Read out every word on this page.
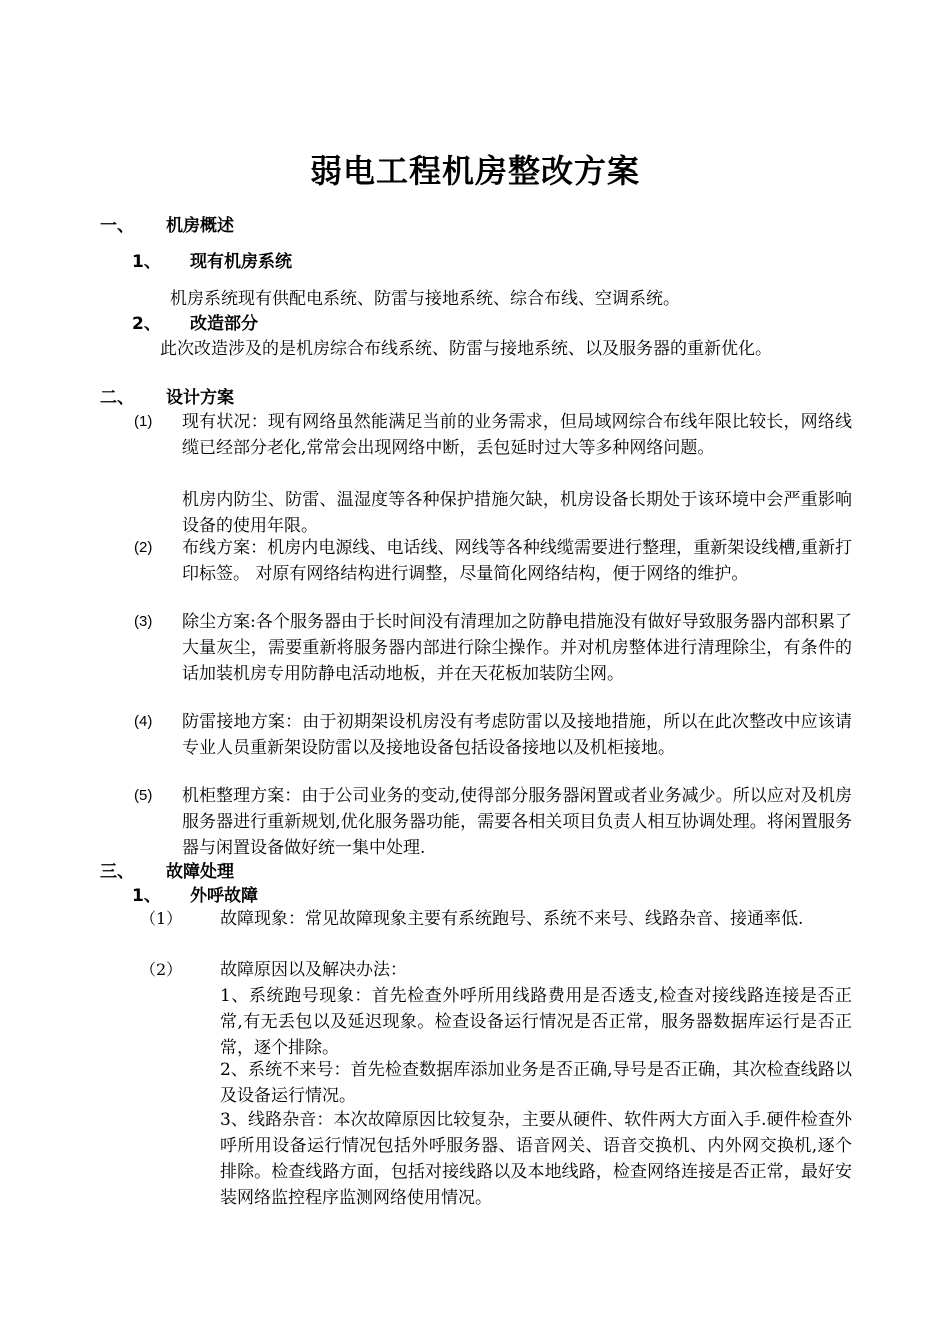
弱电工程机房整改方案
一、 机房概述
1、 现有机房系统
机房系统现有供配电系统、防雷与接地系统、综合布线、空调系统。
2、 改造部分
此次改造涉及的是机房综合布线系统、防雷与接地系统、以及服务器的重新优化。
二、 设计方案
(1) 现有状况：现有网络虽然能满足当前的业务需求，但局域网综合布线年限比较长，网络线缆已经部分老化,常常会出现网络中断，丢包延时过大等多种网络问题。
机房内防尘、防雷、温湿度等各种保护措施欠缺，机房设备长期处于该环境中会严重影响设备的使用年限。
(2) 布线方案：机房内电源线、电话线、网线等各种线缆需要进行整理，重新架设线槽,重新打印标签。 对原有网络结构进行调整，尽量简化网络结构，便于网络的维护。
(3) 除尘方案:各个服务器由于长时间没有清理加之防静电措施没有做好导致服务器内部积累了大量灰尘，需要重新将服务器内部进行除尘操作。并对机房整体进行清理除尘，有条件的话加装机房专用防静电活动地板，并在天花板加装防尘网。
(4) 防雷接地方案：由于初期架设机房没有考虑防雷以及接地措施，所以在此次整改中应该请专业人员重新架设防雷以及接地设备包括设备接地以及机柜接地。
(5) 机柜整理方案：由于公司业务的变动,使得部分服务器闲置或者业务减少。所以应对及机房服务器进行重新规划,优化服务器功能，需要各相关项目负责人相互协调处理。将闲置服务器与闲置设备做好统一集中处理.
三、 故障处理
1、 外呼故障
（1） 故障现象：常见故障现象主要有系统跑号、系统不来号、线路杂音、接通率低.
（2） 故障原因以及解决办法：
1、系统跑号现象：首先检查外呼所用线路费用是否透支,检查对接线路连接是否正常,有无丢包以及延迟现象。检查设备运行情况是否正常，服务器数据库运行是否正常，逐个排除。
2、系统不来号：首先检查数据库添加业务是否正确,导号是否正确，其次检查线路以及设备运行情况。
3、线路杂音：本次故障原因比较复杂，主要从硬件、软件两大方面入手.硬件检查外呼所用设备运行情况包括外呼服务器、语音网关、语音交换机、内外网交换机,逐个排除。检查线路方面，包括对接线路以及本地线路，检查网络连接是否正常，最好安装网络监控程序监测网络使用情况。
